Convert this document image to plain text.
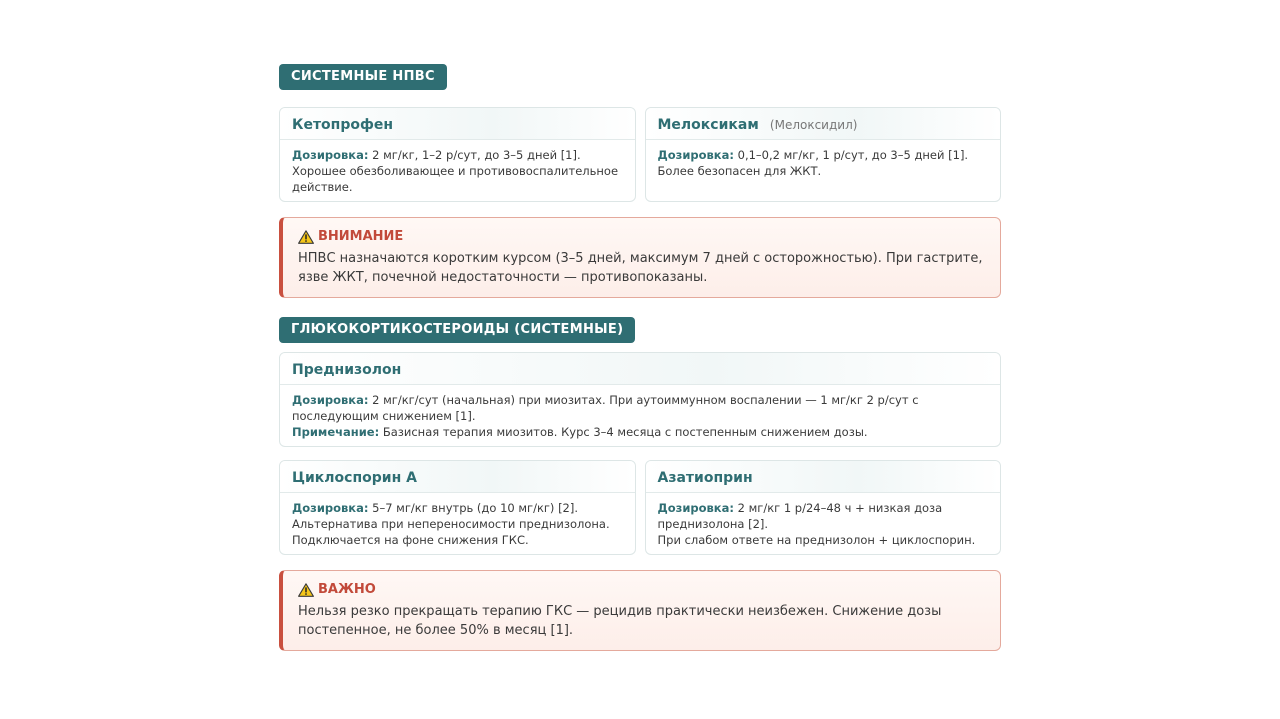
СИСТЕМНЫЕ НПВС
Кетопрофен
Дозировка: 2 мг/кг, 1–2 р/сут, до 3–5 дней [1].
Хорошее обезболивающее и противовоспалительное действие.
Мелоксикам (Мелоксидил)
Дозировка: 0,1–0,2 мг/кг, 1 р/сут, до 3–5 дней [1].
Более безопасен для ЖКТ.
ВНИМАНИЕ
НПВС назначаются коротким курсом (3–5 дней, максимум 7 дней с осторожностью). При гастрите, язве ЖКТ, почечной недостаточности — противопоказаны.
ГЛЮКОКОРТИКОСТЕРОИДЫ (СИСТЕМНЫЕ)
Преднизолон
Дозировка: 2 мг/кг/сут (начальная) при миозитах. При аутоиммунном воспалении — 1 мг/кг 2 р/сут с последующим снижением [1].
Примечание: Базисная терапия миозитов. Курс 3–4 месяца с постепенным снижением дозы.
Циклоспорин А
Дозировка: 5–7 мг/кг внутрь (до 10 мг/кг) [2].
Альтернатива при непереносимости преднизолона.
Подключается на фоне снижения ГКС.
Азатиоприн
Дозировка: 2 мг/кг 1 р/24–48 ч + низкая доза преднизолона [2].
При слабом ответе на преднизолон + циклоспорин.
ВАЖНО
Нельзя резко прекращать терапию ГКС — рецидив практически неизбежен. Снижение дозы постепенное, не более 50% в месяц [1].
